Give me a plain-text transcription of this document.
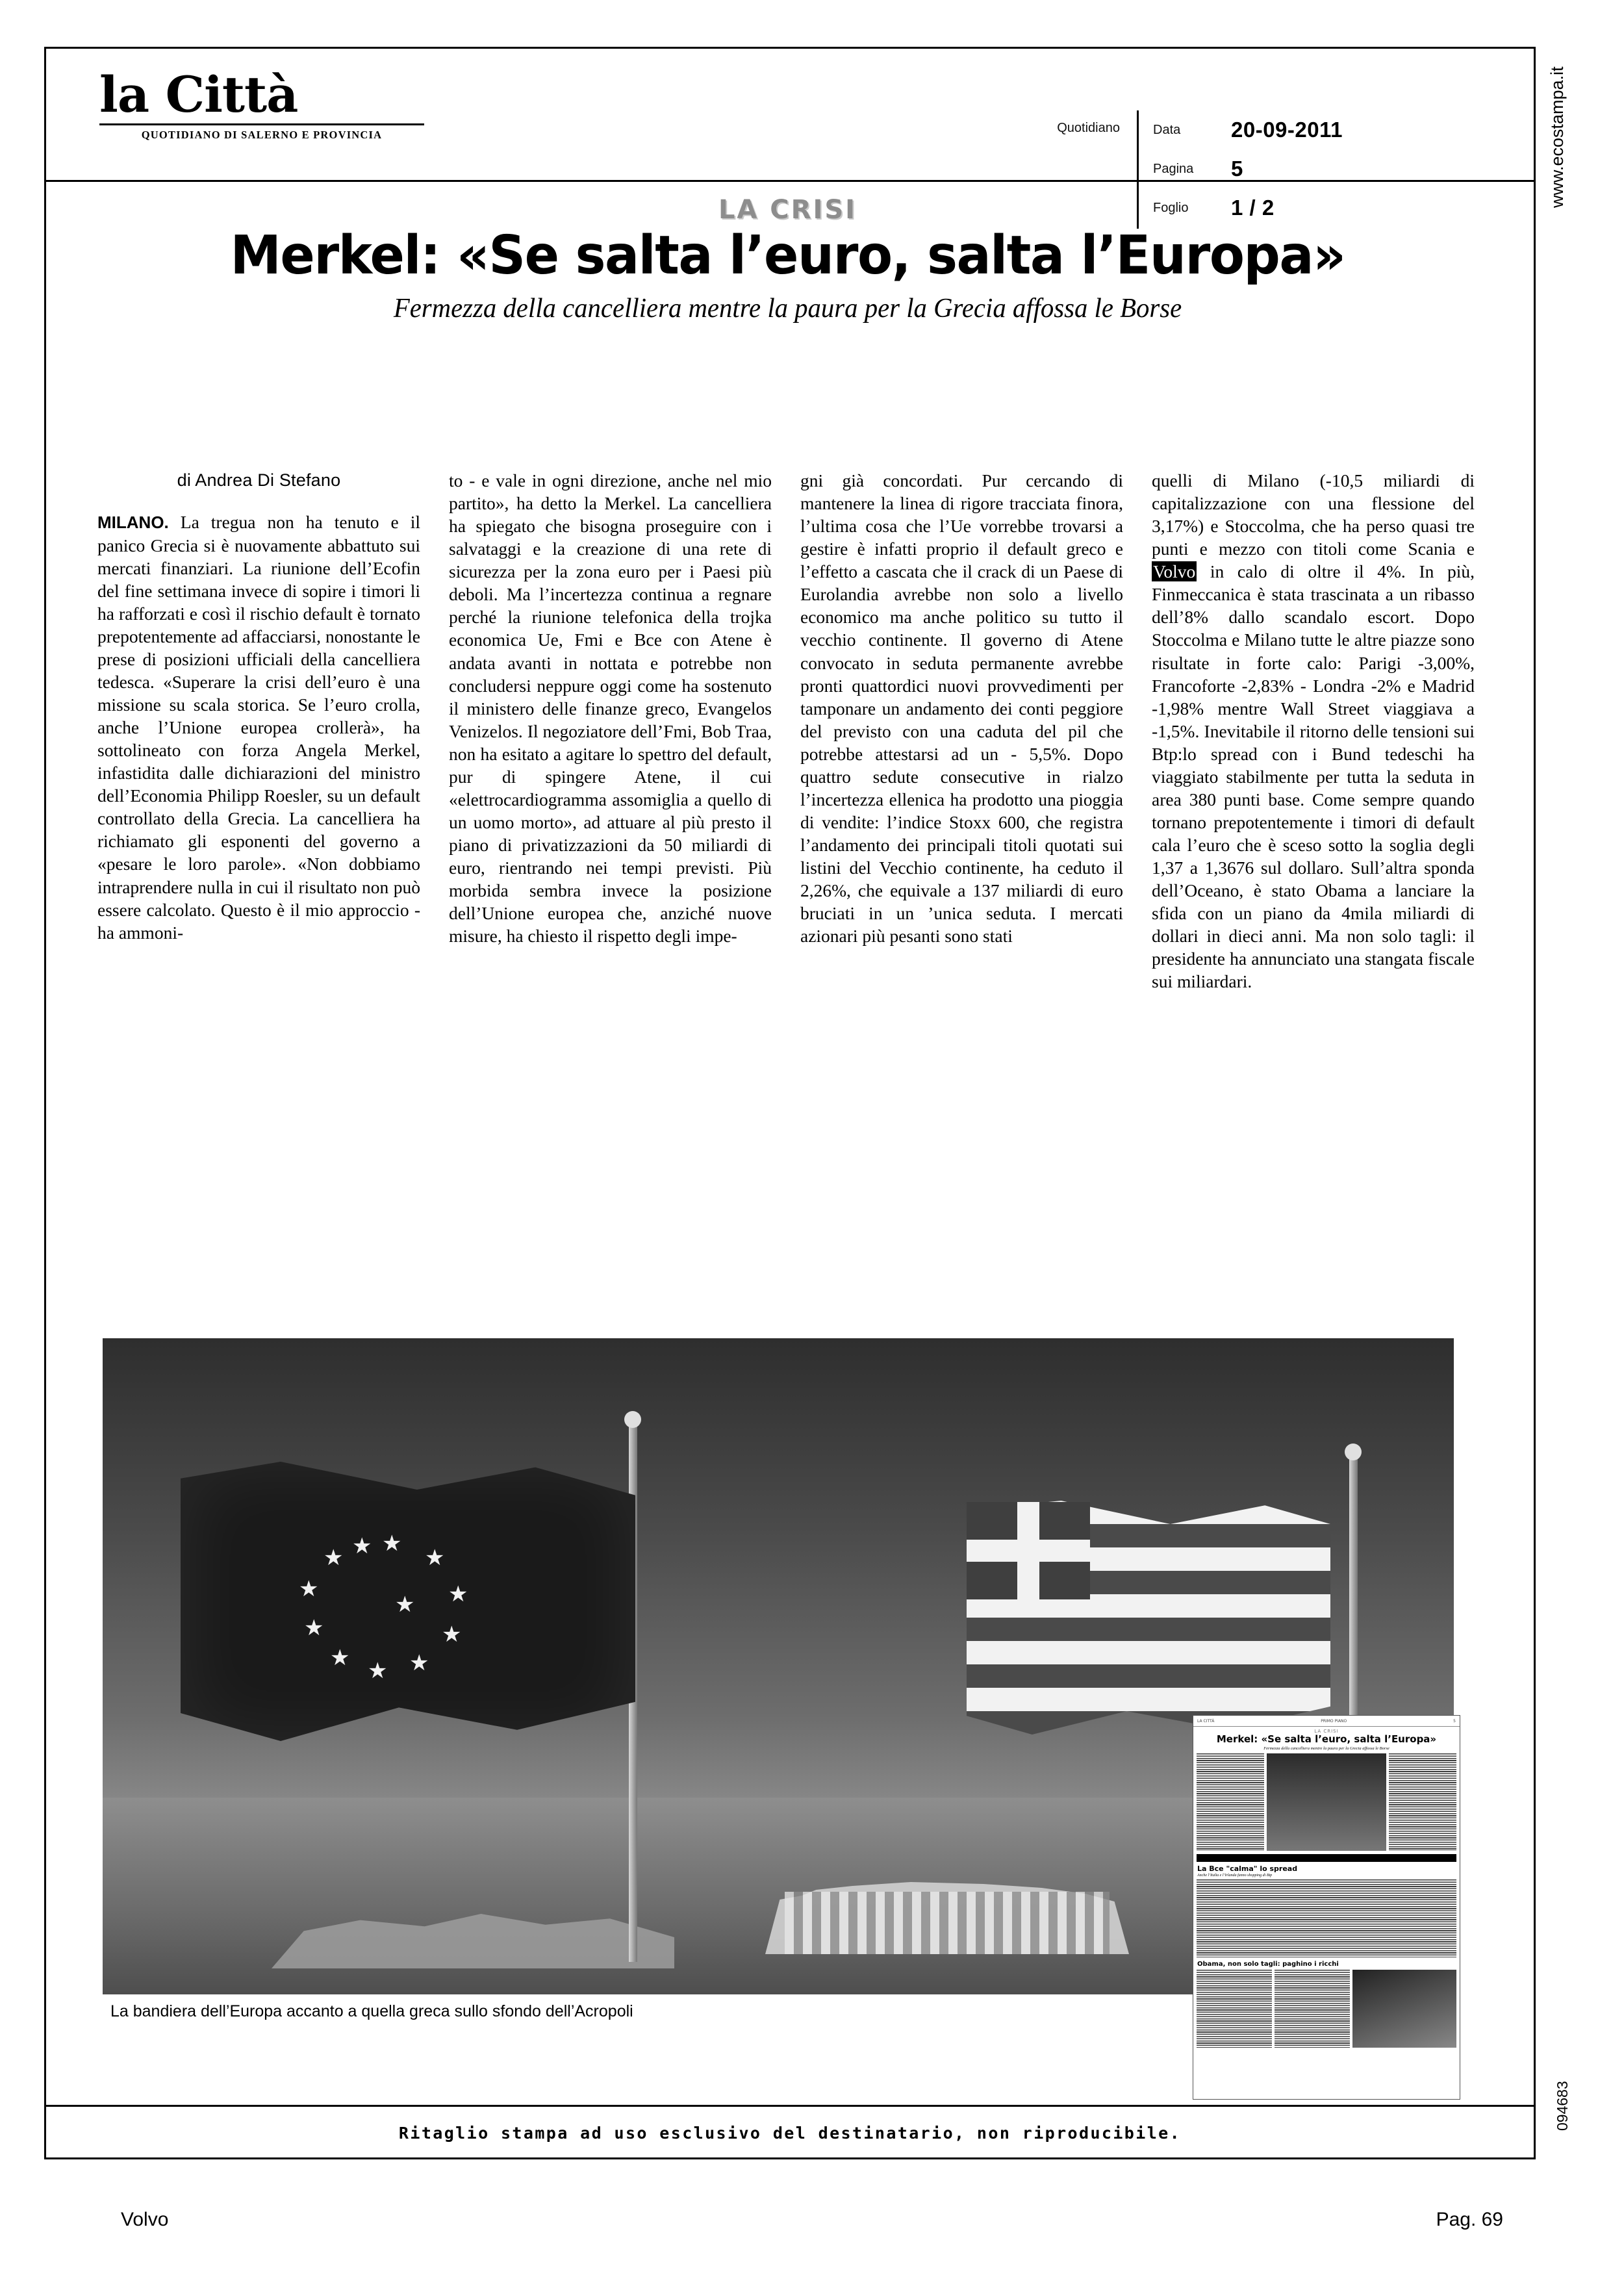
la Città
QUOTIDIANO DI SALERNO E PROVINCIA	Quotidiano	Data	20-09-2011
Pagina	5
Foglio	1 / 2
LA CRISI
Merkel: «Se salta l’euro, salta l’Europa»
Fermezza della cancelliera mentre la paura per la Grecia affossa le Borse
di Andrea Di Stefano

MILANO. La tregua non ha tenuto e il panico Grecia si è nuovamente abbattuto sui mercati finanziari. La riunione dell’Ecofin del fine settimana invece di sopire i timori li ha rafforzati e così il rischio default è tornato prepotentemente ad affacciarsi, nonostante le prese di posizioni ufficiali della cancelliera tedesca. «Superare la crisi dell’euro è una missione su scala storica. Se l’euro crolla, anche l’Unione europea crollerà», ha sottolineato con forza Angela Merkel, infastidita dalle dichiarazioni del ministro dell’Economia Philipp Roesler, su un default controllato della Grecia. La cancelliera ha richiamato gli esponenti del governo a «pesare le loro parole». «Non dobbiamo intraprendere nulla in cui il risultato non può essere calcolato. Questo è il mio approccio - ha ammoni-

to - e vale in ogni direzione, anche nel mio partito», ha detto la Merkel. La cancelliera ha spiegato che bisogna proseguire con i salvataggi e la creazione di una rete di sicurezza per la zona euro per i Paesi più deboli. Ma l’incertezza continua a regnare perché la riunione telefonica della trojka economica Ue, Fmi e Bce con Atene è andata avanti in nottata e potrebbe non concludersi neppure oggi come ha sostenuto il ministero delle finanze greco, Evangelos Venizelos. Il negoziatore dell’Fmi, Bob Traa, non ha esitato a agitare lo spettro del default, pur di spingere Atene, il cui «elettrocardiogramma assomiglia a quello di un uomo morto», ad attuare al più presto il piano di privatizzazioni da 50 miliardi di euro, rientrando nei tempi previsti. Più morbida sembra invece la posizione dell’Unione europea che, anziché nuove misure, ha chiesto il rispetto degli impe-

gni già concordati. Pur cercando di mantenere la linea di rigore tracciata finora, l’ultima cosa che l’Ue vorrebbe trovarsi a gestire è infatti proprio il default greco e l’effetto a cascata che il crack di un Paese di Eurolandia avrebbe non solo a livello economico ma anche politico su tutto il vecchio continente. Il governo di Atene convocato in seduta permanente avrebbe pronti quattordici nuovi provvedimenti per tamponare un andamento dei conti peggiore del previsto con una caduta del pil che potrebbe attestarsi ad un - 5,5%. Dopo quattro sedute consecutive in rialzo l’incertezza ellenica ha prodotto una pioggia di vendite: l’indice Stoxx 600, che registra l’andamento dei principali titoli quotati sui listini del Vecchio continente, ha ceduto il 2,26%, che equivale a 137 miliardi di euro bruciati in un ’unica seduta. I mercati azionari più pesanti sono stati

quelli di Milano (-10,5 miliardi di capitalizzazione con una flessione del 3,17%) e Stoccolma, che ha perso quasi tre punti e mezzo con titoli come Scania e Volvo in calo di oltre il 4%. In più, Finmeccanica è stata trascinata a un ribasso dell’8% dallo scandalo escort. Dopo Stoccolma e Milano tutte le altre piazze sono risultate in forte calo: Parigi -3,00%, Francoforte -2,83% - Londra -2% e Madrid -1,98% mentre Wall Street viaggiava a -1,5%. Inevitabile il ritorno delle tensioni sui Btp:lo spread con i Bund tedeschi ha viaggiato stabilmente per tutta la seduta in area 380 punti base. Come sempre quando tornano prepotentemente i timori di default cala l’euro che è sceso sotto la soglia degli 1,37 a 1,3676 sul dollaro. Sull’altra sponda dell’Oceano, è stato Obama a lanciare la sfida con un piano da 4mila miliardi di dollari in dieci anni. Ma non solo tagli: il presidente ha annunciato una stangata fiscale sui miliardari.

★
★
★
★
★
★
★
★
★
★ ★
★
La bandiera dell’Europa accanto a quella greca sullo sfondo dell’Acropoli
LA CITTÀ	PRIMO PIANO	5
LA CRISI
Merkel: «Se salta l’euro, salta l’Europa»
Fermezza della cancelliera mentre la paura per la Grecia affossa le Borse
La Bce "calma" lo spread
Anche l’Italia e l’Irlanda fanno shopping di Btp
Obama, non solo tagli: paghino i ricchi
www.ecostampa.it
094683
Ritaglio stampa ad uso esclusivo del destinatario, non riproducibile.
Volvo	Pag. 69
